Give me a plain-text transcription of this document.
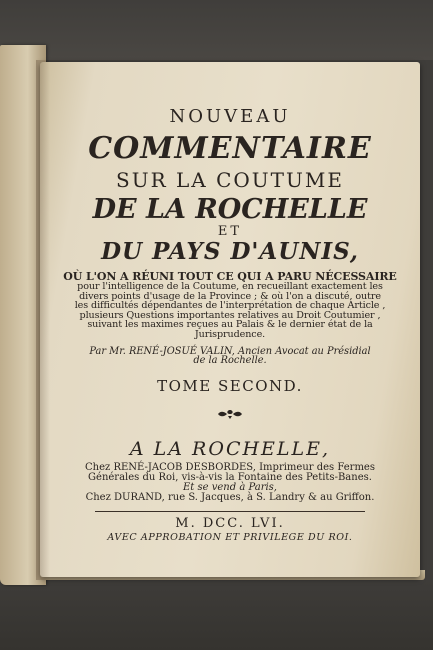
NOUVEAU
COMMENTAIRE
SUR LA COUTUME
DE LA ROCHELLE
ET
DU PAYS D'AUNIS,
OÙ L'ON A RÉUNI TOUT CE QUI A PARU NÉCESSAIRE
pour l'intelligence de la Coutume, en recueillant exactement les
divers points d'usage de la Province ; & où l'on a discuté, outre
les difficultés dépendantes de l'interprétation de chaque Article ,
plusieurs Questions importantes relatives au Droit Coutumier ,
suivant les maximes reçues au Palais & le dernier état de la
Jurisprudence.
Par Mr. RENÉ-JOSUÉ VALIN, Ancien Avocat au Présidial
de la Rochelle.
TOME SECOND.
A LA ROCHELLE,
Chez RENÉ-JACOB DESBORDES, Imprimeur des Fermes
Générales du Roi, vis-à-vis la Fontaine des Petits-Banes.
Et se vend à Paris,
Chez DURAND, rue S. Jacques, à S. Landry & au Griffon.
M. DCC. LVI.
AVEC APPROBATION ET PRIVILEGE DU ROI.
